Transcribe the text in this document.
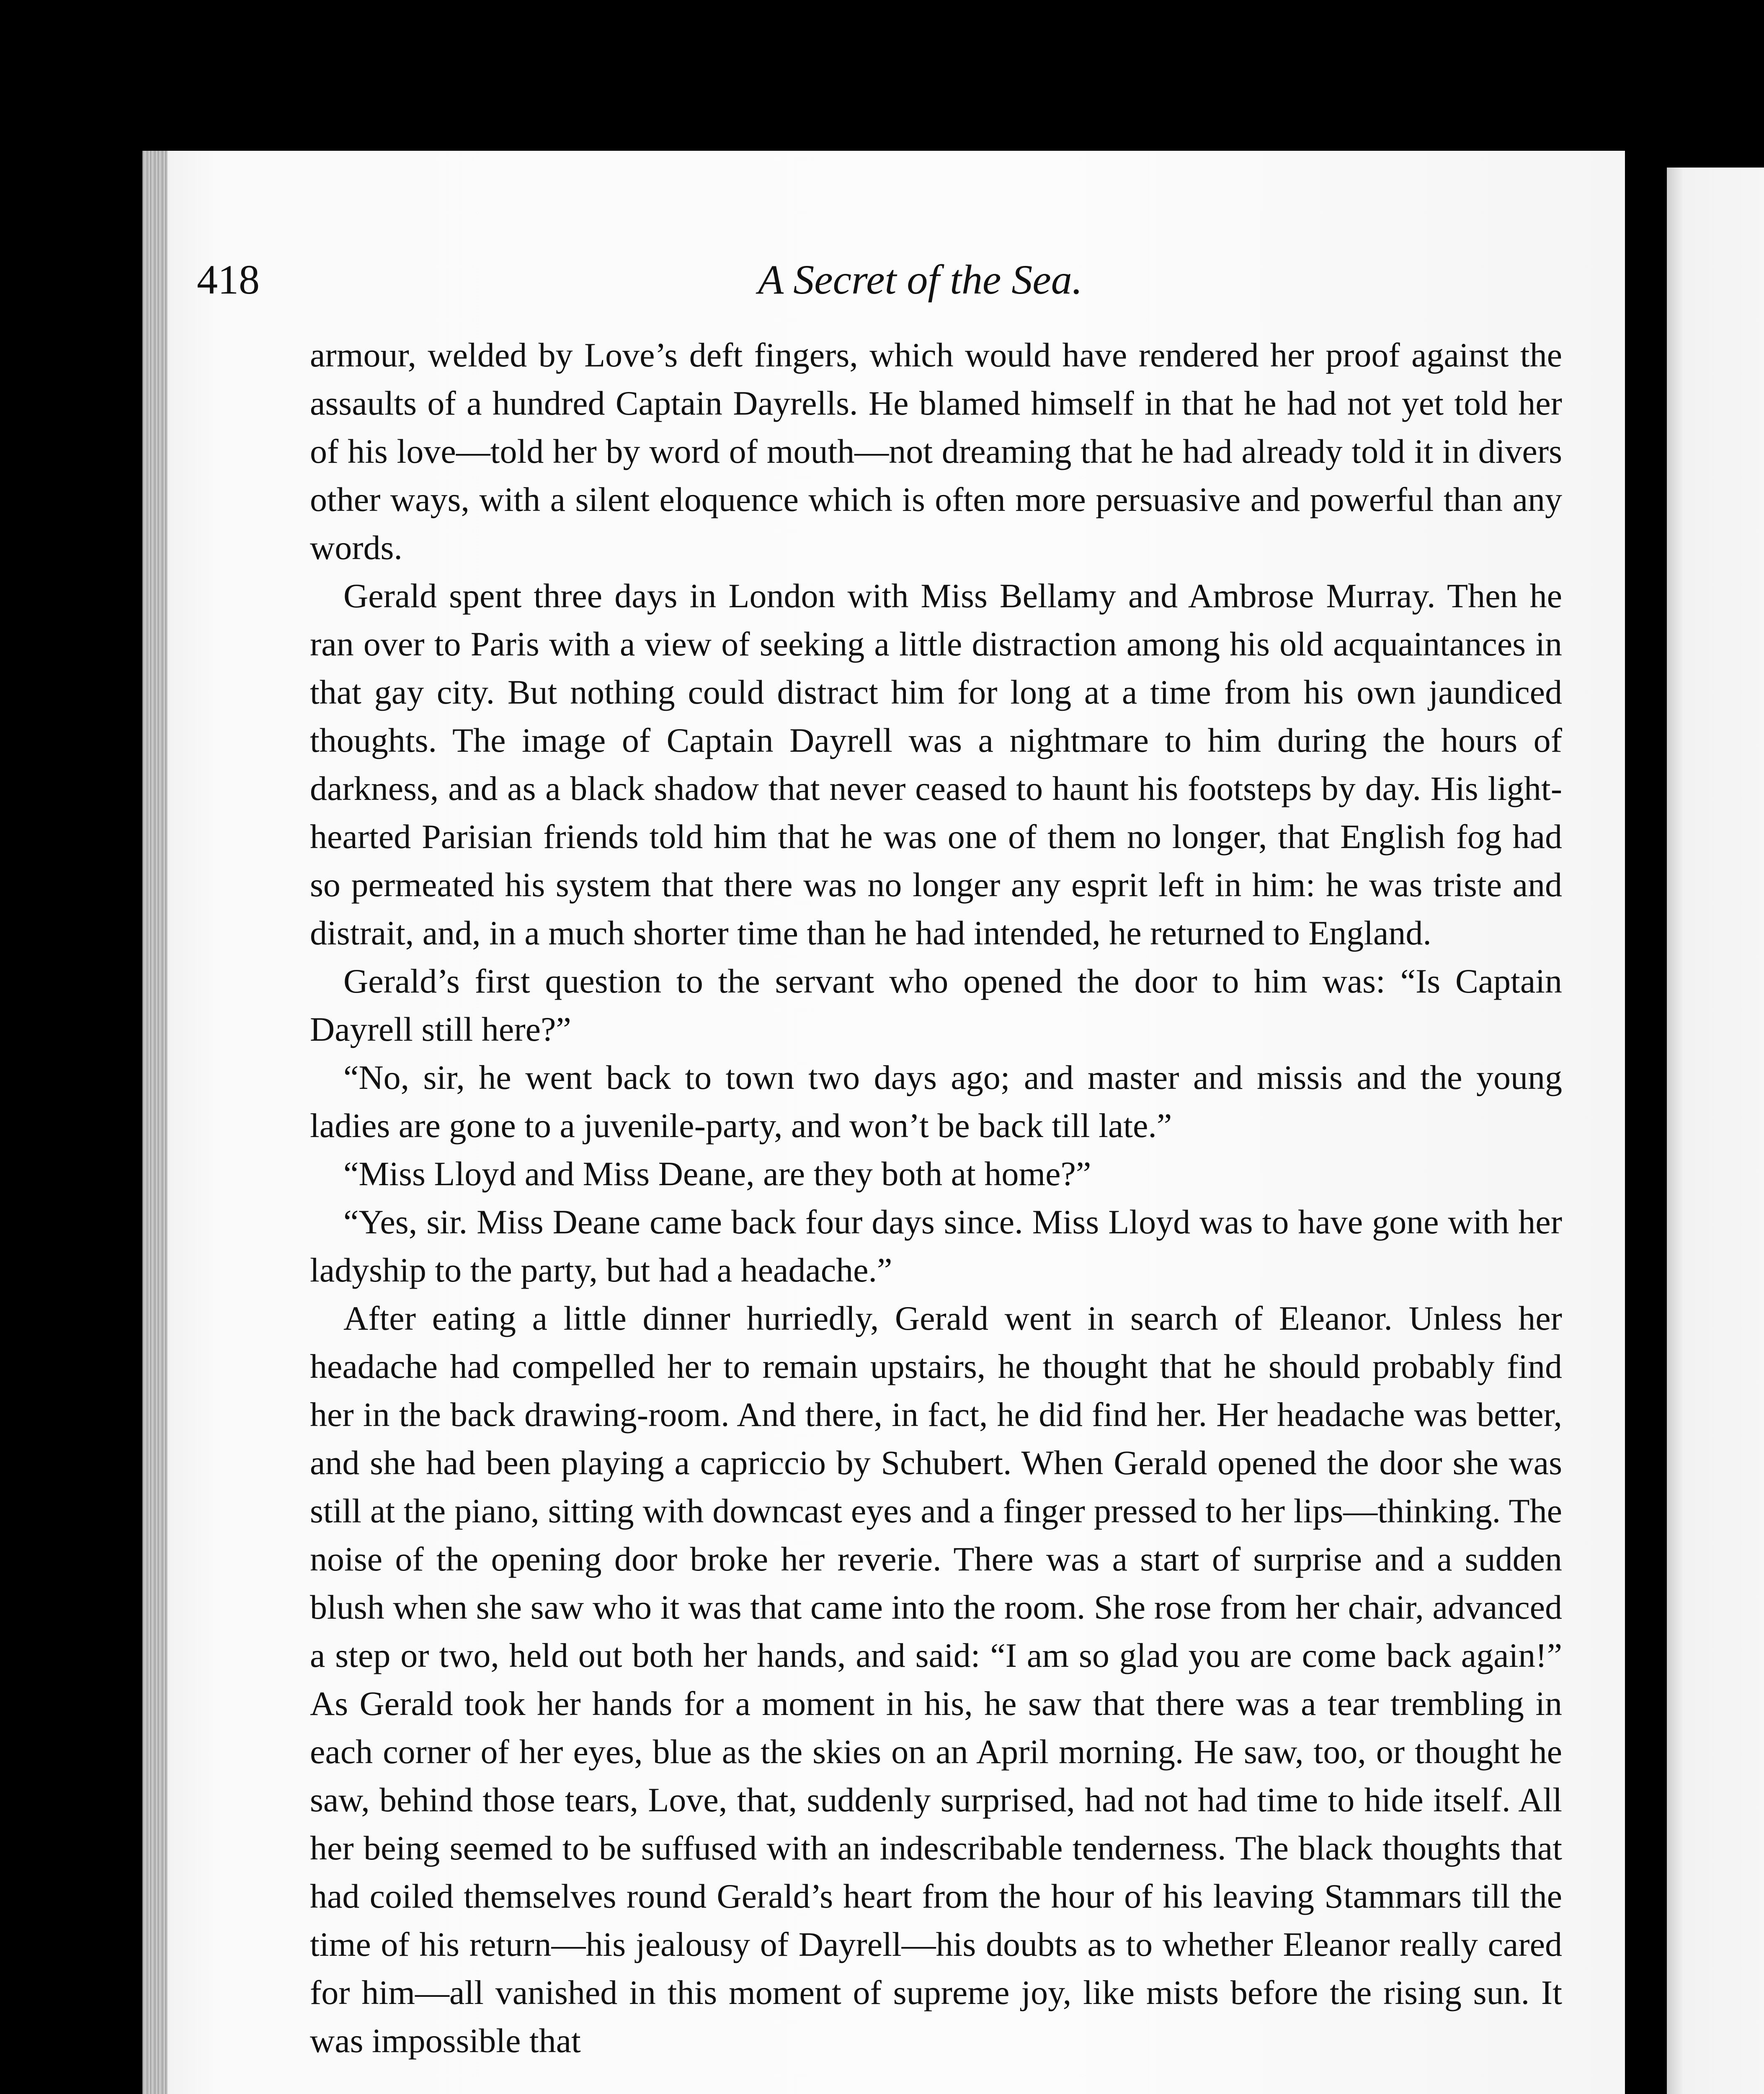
418	A Secret of the Sea.

armour, welded by Love’s deft fingers, which would have rendered her proof against the assaults of a hundred Captain Dayrells. He blamed himself in that he had not yet told her of his love—told her by word of mouth—not dreaming that he had already told it in divers other ways, with a silent eloquence which is often more persuasive and powerful than any words.

Gerald spent three days in London with Miss Bellamy and Ambrose Murray. Then he ran over to Paris with a view of seeking a little distraction among his old acquaintances in that gay city. But nothing could distract him for long at a time from his own jaundiced thoughts. The image of Captain Dayrell was a nightmare to him during the hours of darkness, and as a black shadow that never ceased to haunt his footsteps by day. His light-hearted Parisian friends told him that he was one of them no longer, that English fog had so permeated his system that there was no longer any esprit left in him: he was triste and distrait, and, in a much shorter time than he had intended, he returned to England.

Gerald’s first question to the servant who opened the door to him was: “Is Captain Dayrell still here?”

“No, sir, he went back to town two days ago; and master and missis and the young ladies are gone to a juvenile-party, and won’t be back till late.”

“Miss Lloyd and Miss Deane, are they both at home?”

“Yes, sir. Miss Deane came back four days since. Miss Lloyd was to have gone with her ladyship to the party, but had a headache.”

After eating a little dinner hurriedly, Gerald went in search of Eleanor. Unless her headache had compelled her to remain upstairs, he thought that he should probably find her in the back drawing-room. And there, in fact, he did find her. Her headache was better, and she had been playing a capriccio by Schubert. When Gerald opened the door she was still at the piano, sitting with downcast eyes and a finger pressed to her lips—thinking. The noise of the opening door broke her reverie. There was a start of surprise and a sudden blush when she saw who it was that came into the room. She rose from her chair, advanced a step or two, held out both her hands, and said: “I am so glad you are come back again!” As Gerald took her hands for a moment in his, he saw that there was a tear trembling in each corner of her eyes, blue as the skies on an April morning. He saw, too, or thought he saw, behind those tears, Love, that, suddenly surprised, had not had time to hide itself. All her being seemed to be suffused with an indescribable tenderness. The black thoughts that had coiled themselves round Gerald’s heart from the hour of his leaving Stammars till the time of his return—his jealousy of Dayrell—his doubts as to whether Eleanor really cared for him—all vanished in this moment of supreme joy, like mists before the rising sun. It was impossible that
